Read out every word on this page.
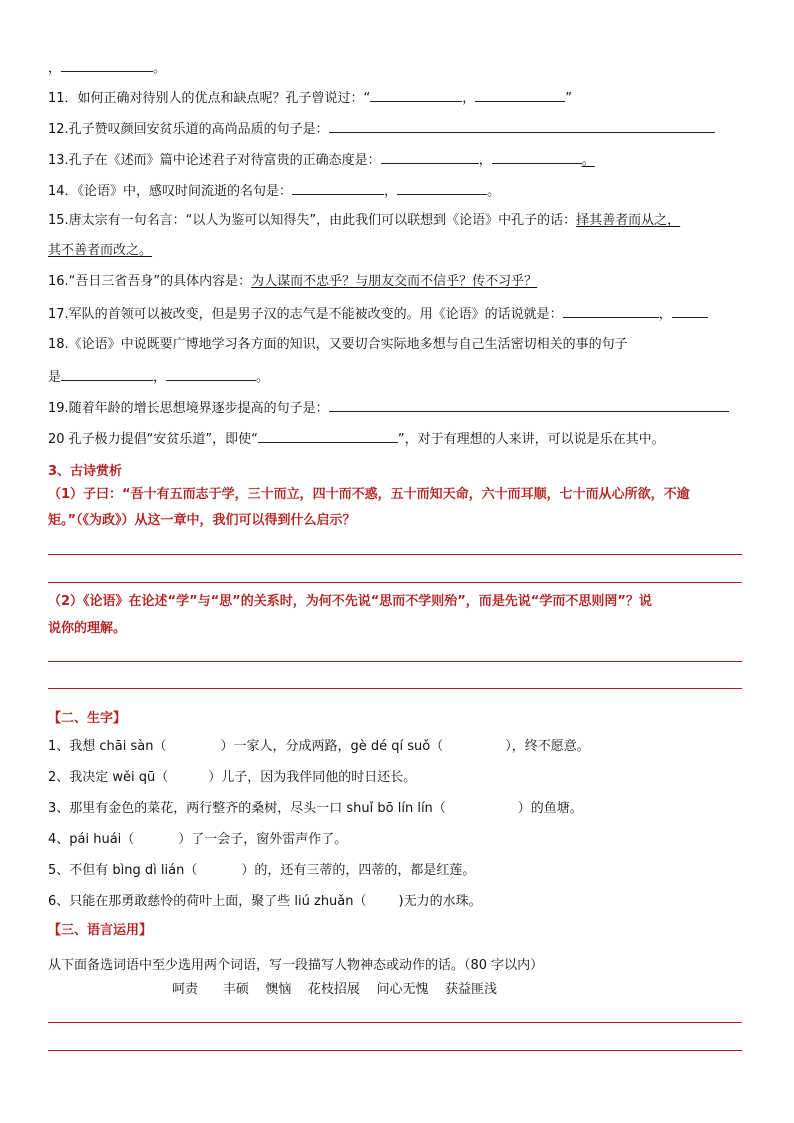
，	。
11．如何正确对待别人的优点和缺点呢？孔子曾说过：“	，	”
12.孔子赞叹颜回安贫乐道的高尚品质的句子是：
13.孔子在《述而》篇中论述君子对待富贵的正确态度是：	，	。
14．《论语》中，感叹时间流逝的名句是：	，	。
15.唐太宗有一句名言：“以人为鉴可以知得失”，由此我们可以联想到《论语》中孔子的话：择其善者而从之，
其不善者而改之。
16.“吾日三省吾身”的具体内容是：为人谋而不忠乎？与朋友交而不信乎？传不习乎？
17.军队的首领可以被改变，但是男子汉的志气是不能被改变的。用《论语》的话说就是：	，
18.《论语》中说既要广博地学习各方面的知识，又要切合实际地多想与自己生活密切相关的事的句子
是	，	。
19.随着年龄的增长思想境界逐步提高的句子是：
20 孔子极力提倡“安贫乐道”，即使“	”，对于有理想的人来讲，可以说是乐在其中。
3、古诗赏析
（1）子曰：“吾十有五而志于学，三十而立，四十而不惑，五十而知天命，六十而耳顺，七十而从心所欲，不逾
矩。”（《为政》）从这一章中，我们可以得到什么启示？
（2）《论语》在论述“学”与“思”的关系时，为何不先说“思而不学则殆”，而是先说“学而不思则罔”？说
说你的理解。
【二、生字】
1、我想 chāi sàn（	）一家人，分成两路，gè dé qí suǒ（	），终不愿意。
2、我决定 wěi qū（	）儿子，因为我伴同他的时日还长。
3、那里有金色的菜花，两行整齐的桑树，尽头一口 shuǐ bō lín lín（	）的鱼塘。
4、pái huái（	）了一会子，窗外雷声作了。
5、不但有 bìng dì lián（	）的，还有三蒂的，四蒂的，都是红莲。
6、只能在那勇敢慈怜的荷叶上面，聚了些 liú zhuǎn（ )无力的水珠。
【三、语言运用】
从下面备选词语中至少选用两个词语，写一段描写人物神态或动作的话。（80 字以内）
呵责 丰硕 懊恼 花枝招展 问心无愧 获益匪浅
